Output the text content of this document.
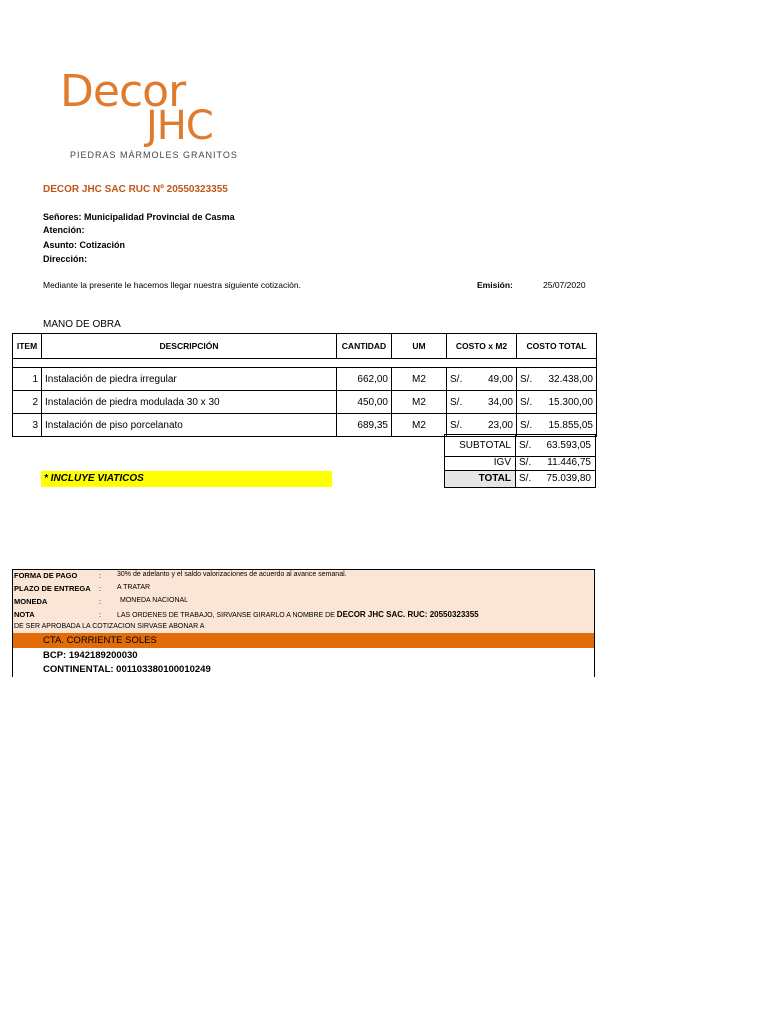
Decor
JHC
PIEDRAS MÁRMOLES GRANITOS
DECOR JHC SAC RUC Nº 20550323355
Señores: Municipalidad Provincial de Casma
Atención:
Asunto: Cotización
Dirección:
Mediante la presente le hacemos llegar nuestra siguiente cotización.	Emisión:	25/07/2020
MANO DE OBRA
ITEM	DESCRIPCIÓN	CANTIDAD	UM	COSTO x M2	COSTO TOTAL

1	Instalación de piedra irregular	662,00	M2	S/. 49,00	S/. 32.438,00

2	Instalación de piedra modulada 30 x 30	450,00	M2	S/. 34,00	S/. 15.300,00

3	Instalación de piso porcelanato	689,35	M2	S/. 23,00	S/. 15.855,05
SUBTOTAL S/.	63.593,05
IGV S/.	11.446,75
TOTAL S/.	75.039,80
* INCLUYE VIATICOS
FORMA DE PAGO	: 30% de adelanto y el saldo valorizaciones de acuerdo al avance semanal.
PLAZO DE ENTREGA : A TRATAR
MONEDA	:	MONEDA NACIONAL
NOTA	: LAS ORDENES DE TRABAJO, SIRVANSE GIRARLO A NOMBRE DE DECOR JHC SAC. RUC: 20550323355
DE SER APROBADA LA COTIZACION SIRVASE ABONAR A
CTA. CORRIENTE SOLES
BCP: 1942189200030
CONTINENTAL: 001103380100010249
